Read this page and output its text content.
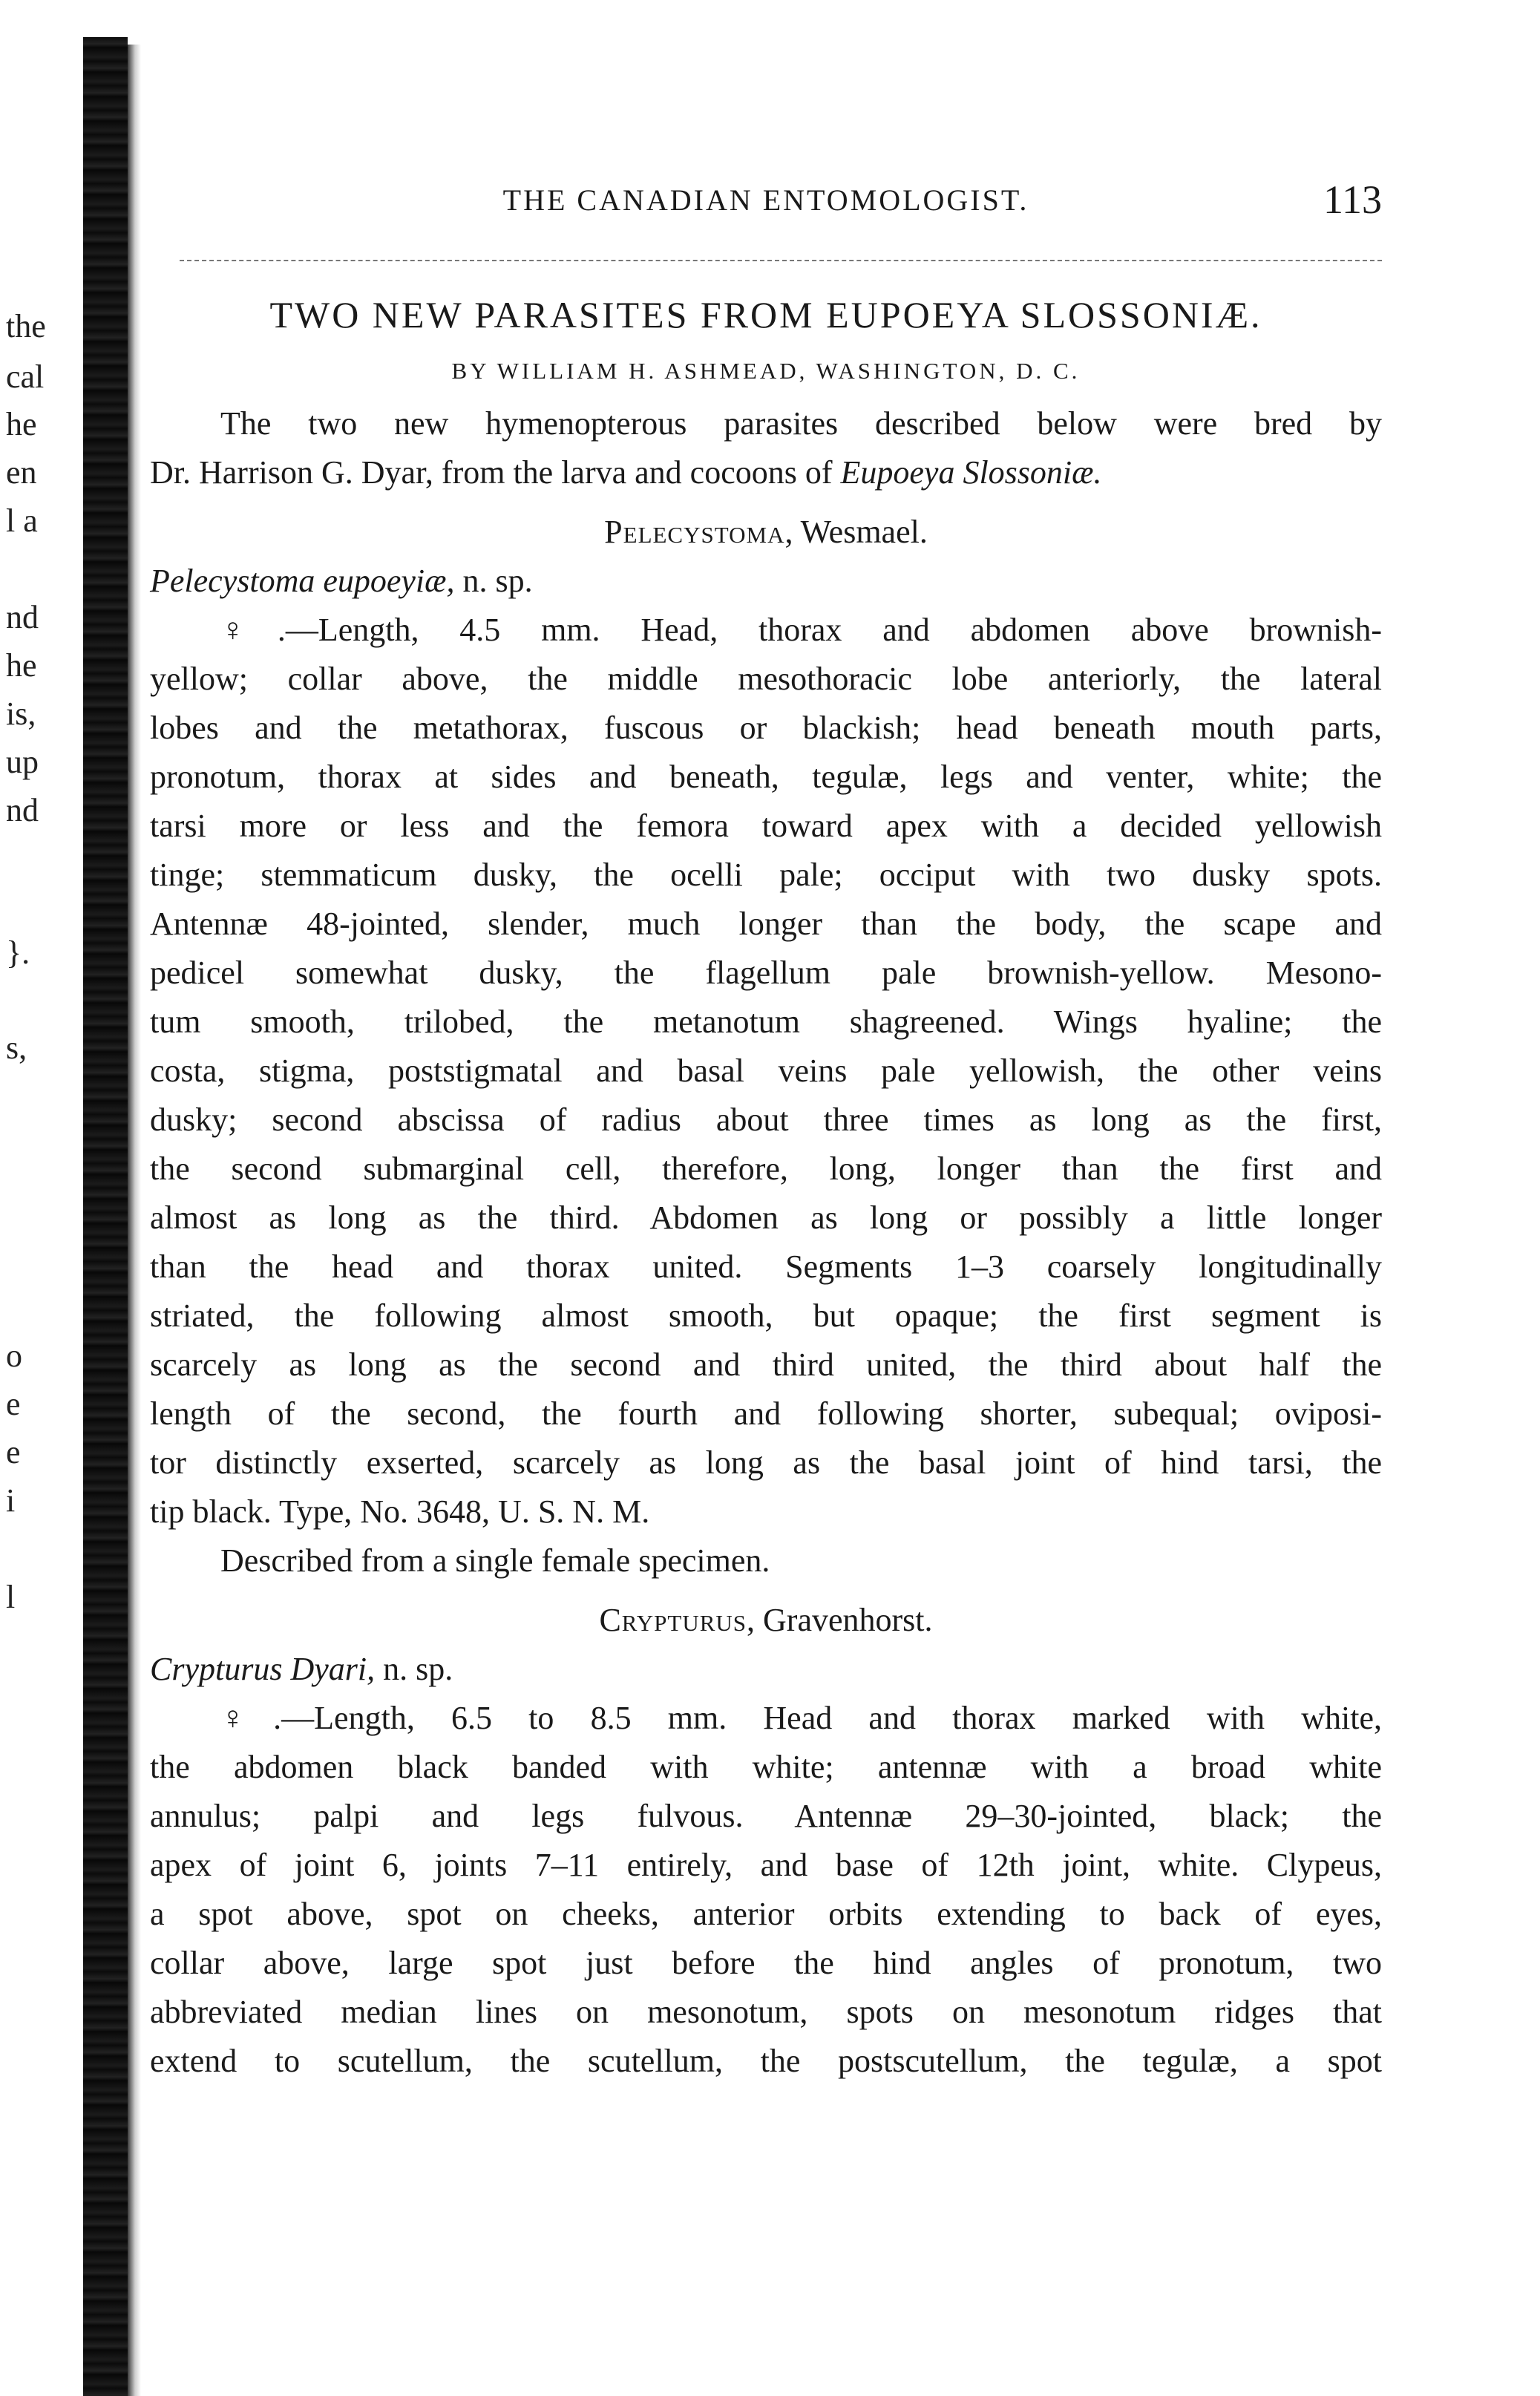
the
cal
he
en
l a
nd
he
is,
up
nd
}.
s,
o
e
e
i
l
THE CANADIAN ENTOMOLOGIST.	113
TWO NEW PARASITES FROM EUPOEYA SLOSSONIÆ.
BY WILLIAM H. ASHMEAD, WASHINGTON, D. C.

The two new hymenopterous parasites described below were bred by

Dr. Harrison G. Dyar, from the larva and cocoons of Eupoeya Slossoniæ.

Pelecystoma, Wesmael.

Pelecystoma eupoeyiæ, n. sp.

♀.—Length, 4.5 mm. Head, thorax and abdomen above brownish-

yellow; collar above, the middle mesothoracic lobe anteriorly, the lateral

lobes and the metathorax, fuscous or blackish; head beneath mouth parts,

pronotum, thorax at sides and beneath, tegulæ, legs and venter, white; the

tarsi more or less and the femora toward apex with a decided yellowish

tinge; stemmaticum dusky, the ocelli pale; occiput with two dusky spots.

Antennæ 48-jointed, slender, much longer than the body, the scape and

pedicel somewhat dusky, the flagellum pale brownish-yellow. Mesono-

tum smooth, trilobed, the metanotum shagreened. Wings hyaline; the

costa, stigma, poststigmatal and basal veins pale yellowish, the other veins

dusky; second abscissa of radius about three times as long as the first,

the second submarginal cell, therefore, long, longer than the first and

almost as long as the third. Abdomen as long or possibly a little longer

than the head and thorax united. Segments 1–3 coarsely longitudinally

striated, the following almost smooth, but opaque; the first segment is

scarcely as long as the second and third united, the third about half the

length of the second, the fourth and following shorter, subequal; oviposi-

tor distinctly exserted, scarcely as long as the basal joint of hind tarsi, the

tip black. Type, No. 3648, U. S. N. M.

Described from a single female specimen.

Crypturus, Gravenhorst.

Crypturus Dyari, n. sp.

♀.—Length, 6.5 to 8.5 mm. Head and thorax marked with white,

the abdomen black banded with white; antennæ with a broad white

annulus; palpi and legs fulvous. Antennæ 29–30-jointed, black; the

apex of joint 6, joints 7–11 entirely, and base of 12th joint, white. Clypeus,

a spot above, spot on cheeks, anterior orbits extending to back of eyes,

collar above, large spot just before the hind angles of pronotum, two

abbreviated median lines on mesonotum, spots on mesonotum ridges that

extend to scutellum, the scutellum, the postscutellum, the tegulæ, a spot
